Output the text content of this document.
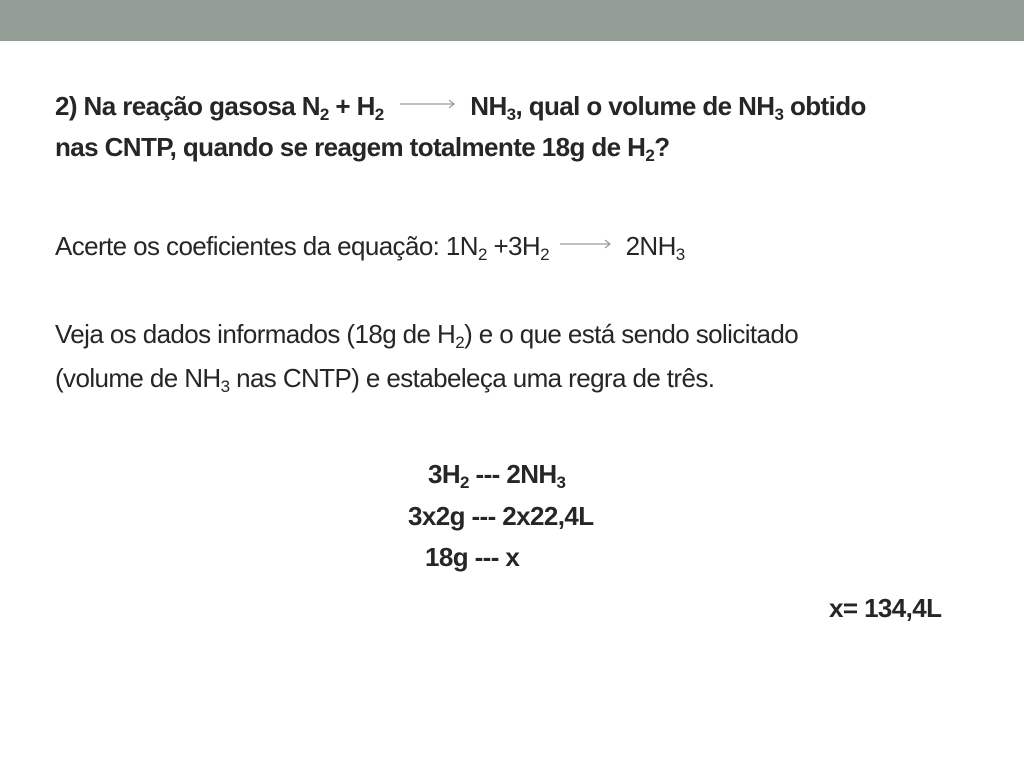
2) Na reação gasosa $N_2 + H_2 \to NH_3$, qual o volume de $NH_3$ obtido
nas CNTP, quando se reagem totalmente 18g de $H_2$?
Acerte os coeficientes da equação: $1N_2 +3H_2 \to 2NH_3$
Veja os dados informados (18g de $H_2$) e o que está sendo solicitado
(volume de $NH_3$ nas CNTP) e estabeleça uma regra de três.
$3H_2$ --- $2NH_3$
3x2g --- 2x22,4L
18g --- x
x= 134,4L
